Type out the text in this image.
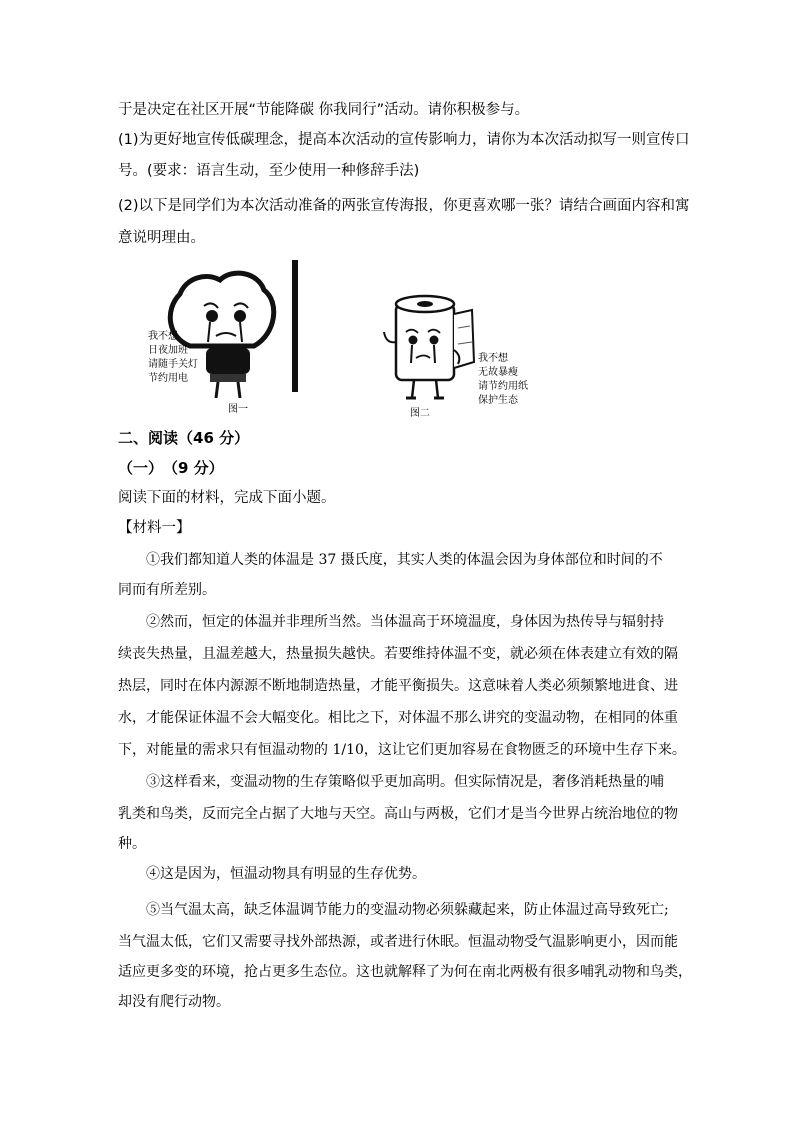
于是决定在社区开展“节能降碳 你我同行”活动。请你积极参与。
(1)为更好地宣传低碳理念，提高本次活动的宣传影响力，请你为本次活动拟写一则宣传口
号。(要求：语言生动，至少使用一种修辞手法)
(2)以下是同学们为本次活动准备的两张宣传海报，你更喜欢哪一张？请结合画面内容和寓
意说明理由。
我不想
日夜加班
请随手关灯
节约用电
图一
我不想
无故暴瘦
请节约用纸
保护生态
图二
二、阅读（46 分）
（一）　（9 分）
阅读下面的材料，完成下面小题。
【材料一】
①我们都知道人类的体温是 37 摄氏度，其实人类的体温会因为身体部位和时间的不
同而有所差别。
②然而，恒定的体温并非理所当然。当体温高于环境温度，身体因为热传导与辐射持
续丧失热量，且温差越大，热量损失越快。若要维持体温不变，就必须在体表建立有效的隔
热层，同时在体内源源不断地制造热量，才能平衡损失。这意味着人类必须频繁地进食、进
水，才能保证体温不会大幅变化。相比之下，对体温不那么讲究的变温动物，在相同的体重
下，对能量的需求只有恒温动物的 1/10，这让它们更加容易在食物匮乏的环境中生存下来。
③这样看来，变温动物的生存策略似乎更加高明。但实际情况是，奢侈消耗热量的哺
乳类和鸟类，反而完全占据了大地与天空。高山与两极，它们才是当今世界占统治地位的物
种。
④这是因为，恒温动物具有明显的生存优势。
⑤当气温太高，缺乏体温调节能力的变温动物必须躲藏起来，防止体温过高导致死亡;
当气温太低，它们又需要寻找外部热源，或者进行休眠。恒温动物受气温影响更小，因而能
适应更多变的环境，抢占更多生态位。这也就解释了为何在南北两极有很多哺乳动物和鸟类，
却没有爬行动物。
